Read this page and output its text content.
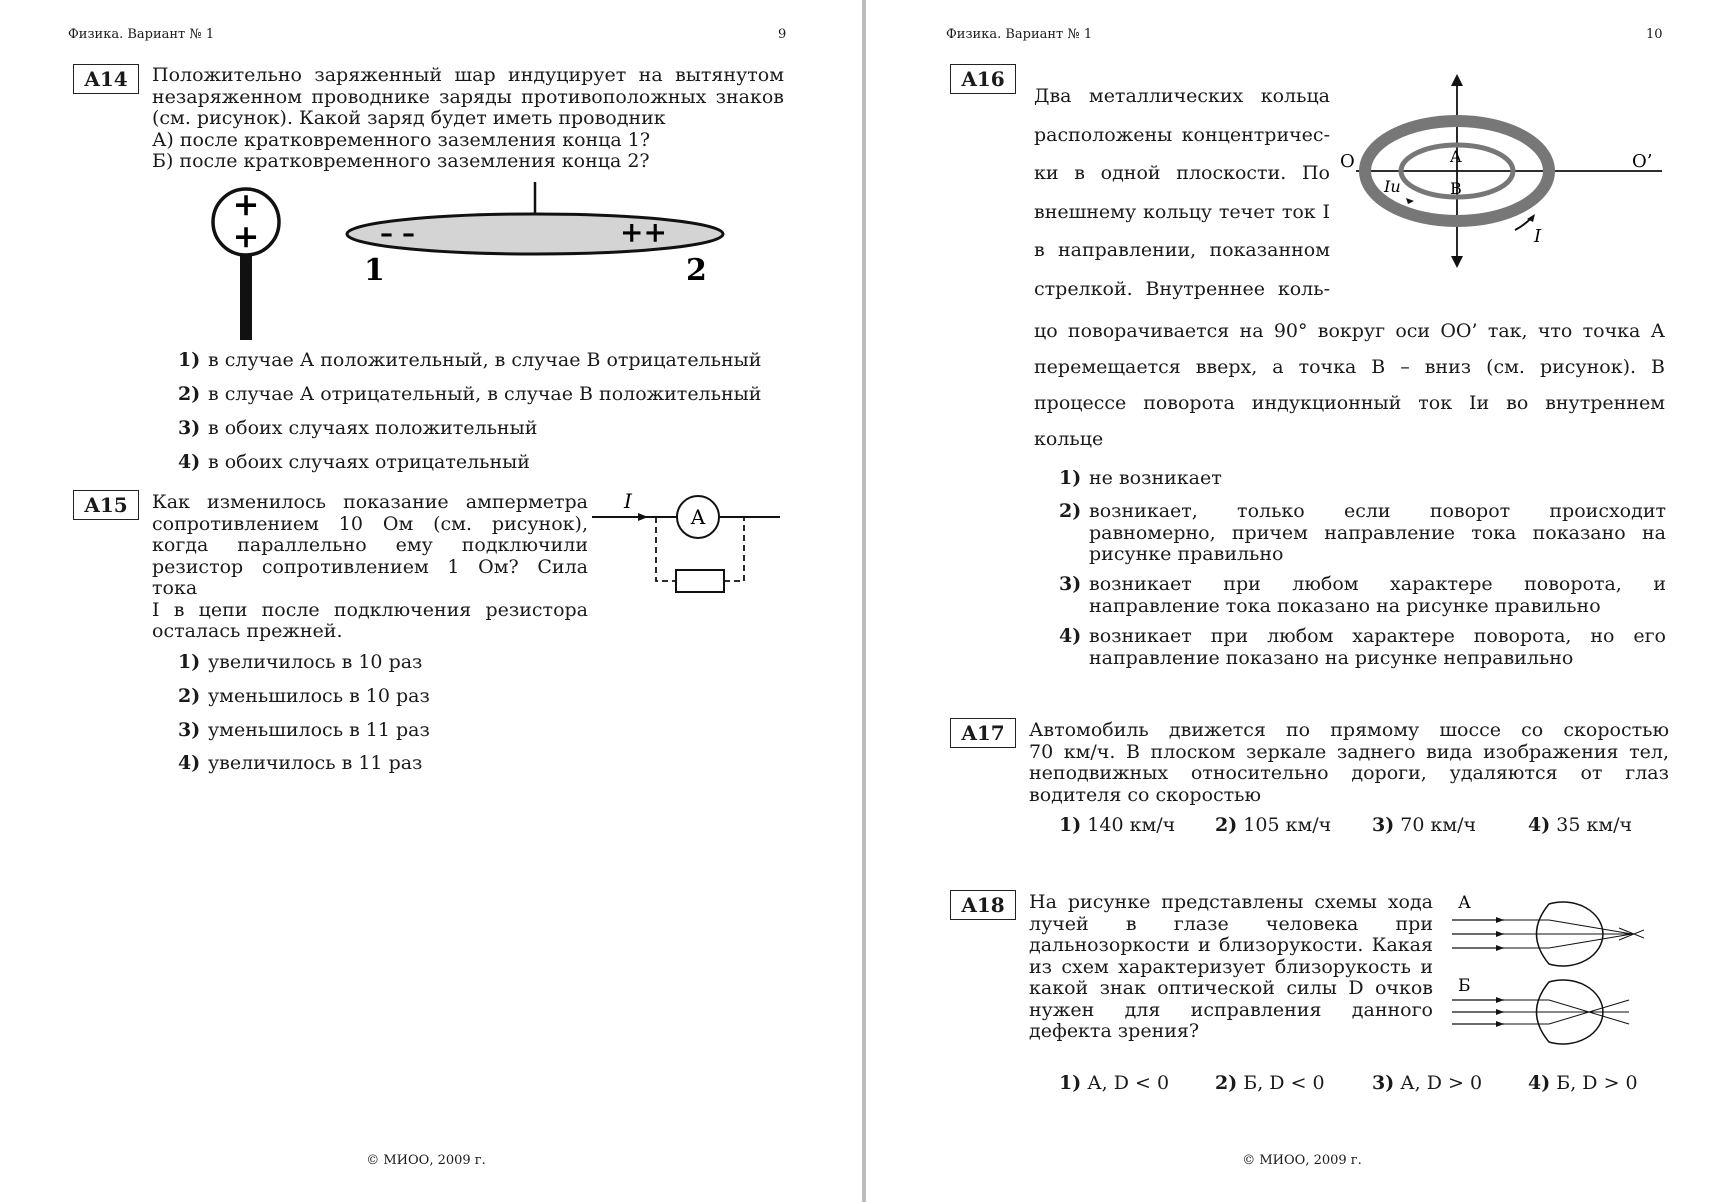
Физика. Вариант № 1	9
A14	Положительно заряженный шар индуцирует на вытянутом
незаряженном проводнике заряды противоположных знаков
(см. рисунок). Какой заряд будет иметь проводник
А) после кратковременного заземления конца 1?
Б) после кратковременного заземления конца 2?
+
+	– –	++
1	2
1) в случае А положительный, в случае В отрицательный
2) в случае А отрицательный, в случае В положительный
3) в обоих случаях положительный
4) в обоих случаях отрицательный
A15	Как изменилось показание амперметра
сопротивлением 10 Ом (см. рисунок),
когда параллельно ему подключили
резистор сопротивлением 1 Ом? Сила тока
I в цепи после подключения резистора
осталась прежней.
I
A
1) увеличилось в 10 раз
2) уменьшилось в 10 раз
3) уменьшилось в 11 раз
4) увеличилось в 11 раз
© МИОО, 2009 г.
Физика. Вариант № 1	10
A16
Два металлических кольца
расположены концентричес-
ки в одной плоскости. По
внешнему кольцу течет ток I
в направлении, показанном
стрелкой. Внутреннее коль-
O	O’
A
B
Iи
I
цо поворачивается на 90° вокруг оси ОО’ так, что точка А
перемещается вверх, а точка В – вниз (см. рисунок). В
процессе поворота индукционный ток Iи во внутреннем
кольце
1) не возникает
2) возникает, только если поворот происходит
равномерно, причем направление тока показано на
рисунке правильно
3) возникает при любом характере поворота, и
направление тока показано на рисунке правильно
4) возникает при любом характере поворота, но его
направление показано на рисунке неправильно
A17	Автомобиль движется по прямому шоссе со скоростью
70 км/ч. В плоском зеркале заднего вида изображения тел,
неподвижных относительно дороги, удаляются от глаз
водителя со скоростью
1) 140 км/ч 2) 105 км/ч 3) 70 км/ч	4) 35 км/ч
A18	На рисунке представлены схемы хода
лучей в глазе человека при
дальнозоркости и близорукости. Какая
из схем характеризует близорукость и
какой знак оптической силы D очков
нужен для исправления данного
дефекта зрения?
А
Б
1) А, D < 0 2) Б, D < 0 3) А, D > 0 4) Б, D > 0
© МИОО, 2009 г.
